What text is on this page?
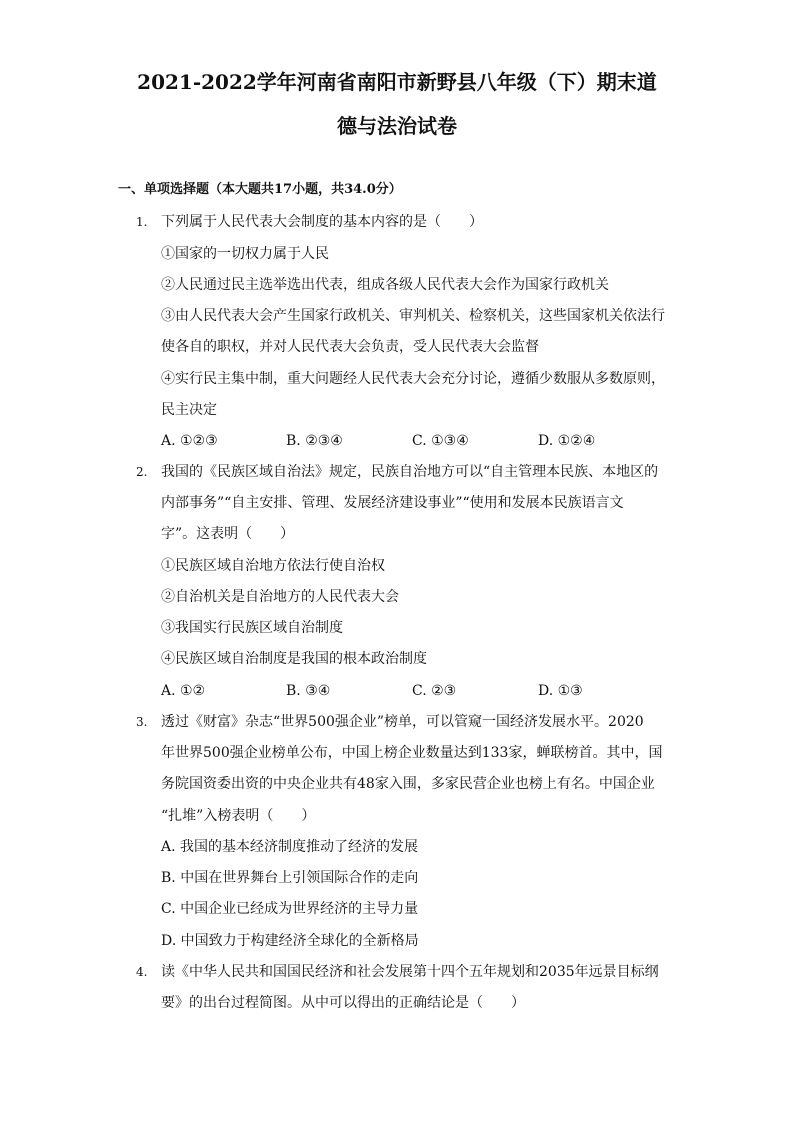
2021-2022学年河南省南阳市新野县八年级（下）期末道
德与法治试卷
一、单项选择题（本大题共17小题，共34.0分）
1. 下列属于人民代表大会制度的基本内容的是（　　）
①国家的一切权力属于人民
②人民通过民主选举选出代表，组成各级人民代表大会作为国家行政机关
③由人民代表大会产生国家行政机关、审判机关、检察机关，这些国家机关依法行
使各自的职权，并对人民代表大会负责，受人民代表大会监督
④实行民主集中制，重大问题经人民代表大会充分讨论，遵循少数服从多数原则，
民主决定
A. ①②③	B. ②③④	C. ①③④	D. ①②④
2. 我国的《民族区域自治法》规定，民族自治地方可以“自主管理本民族、本地区的
内部事务”“自主安排、管理、发展经济建设事业”“使用和发展本民族语言文
字”。这表明（　　）
①民族区域自治地方依法行使自治权
②自治机关是自治地方的人民代表大会
③我国实行民族区域自治制度
④民族区域自治制度是我国的根本政治制度
A. ①②	B. ③④	C. ②③	D. ①③
3. 透过《财富》杂志“世界500强企业”榜单，可以管窥一国经济发展水平。2020
年世界500强企业榜单公布，中国上榜企业数量达到133家，蝉联榜首。其中，国
务院国资委出资的中央企业共有48家入围，多家民营企业也榜上有名。中国企业
“扎堆”入榜表明（　　）
A. 我国的基本经济制度推动了经济的发展
B. 中国在世界舞台上引领国际合作的走向
C. 中国企业已经成为世界经济的主导力量
D. 中国致力于构建经济全球化的全新格局
4. 读《中华人民共和国国民经济和社会发展第十四个五年规划和2035年远景目标纲
要》的出台过程简图。从中可以得出的正确结论是（　　）
